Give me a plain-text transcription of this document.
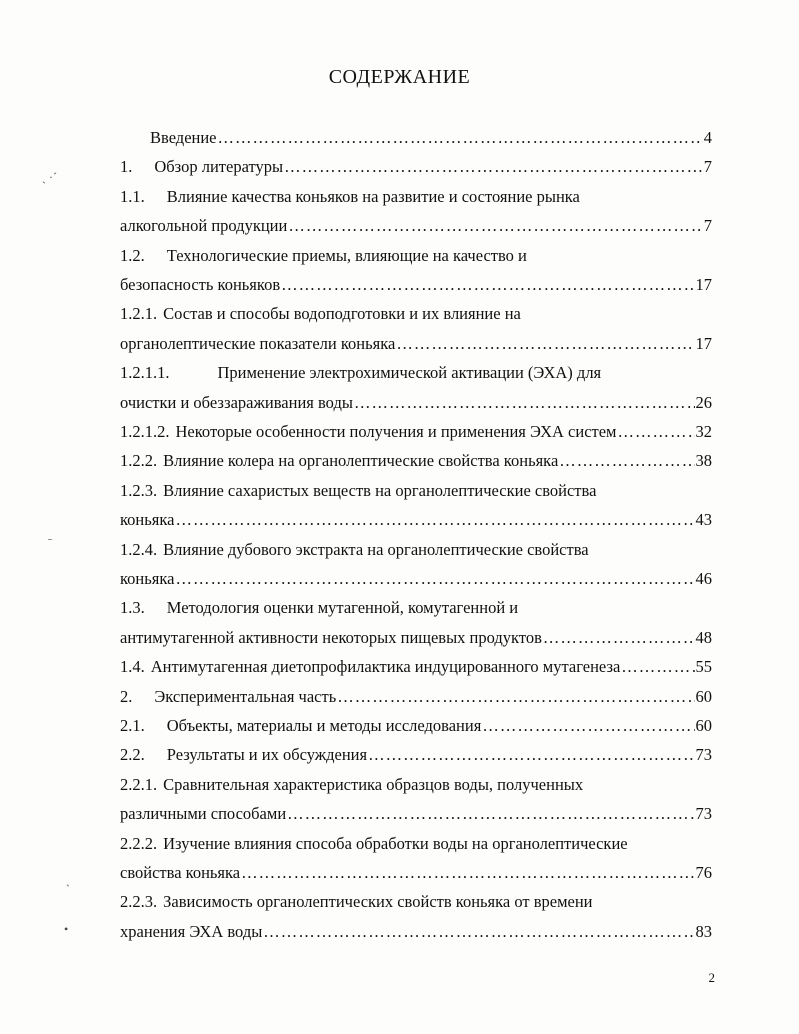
СОДЕРЖАНИЕ
Введение ………………………………………………………………………………………………………………………………………………………………………………	4
1. Обзор литературы ………………………………………………………………………………………………………………………………………………………………………………	7
1.1. Влияние качества коньяков на развитие и состояние рынка
алкогольной продукции ………………………………………………………………………………………………………………………………………………………………………………	7
1.2. Технологические приемы, влияющие на качество и
безопасность коньяков ………………………………………………………………………………………………………………………………………………………………………………	17
1.2.1. Состав и способы водоподготовки и их влияние на
органолептические показатели коньяка ………………………………………………………………………………………………………………………………………………………………………………	17
1.2.1.1.	Применение электрохимической активации (ЭХА) для
очистки и обеззараживания воды ………………………………………………………………………………………………………………………………………………………………………………	26
1.2.1.2. Некоторые особенности получения и применения ЭХА систем ………………………………………………………………………………………………………………………………………………………………………………	32
1.2.2. Влияние колера на органолептические свойства коньяка ………………………………………………………………………………………………………………………………………………………………………………	38
1.2.3. Влияние сахаристых веществ на органолептические свойства
коньяка ………………………………………………………………………………………………………………………………………………………………………………	43
1.2.4. Влияние дубового экстракта на органолептические свойства
коньяка ………………………………………………………………………………………………………………………………………………………………………………	46
1.3. Методология оценки мутагенной, комутагенной и
антимутагенной активности некоторых пищевых продуктов ………………………………………………………………………………………………………………………………………………………………………………	48
1.4. Антимутагенная диетопрофилактика индуцированного мутагенеза ………………………………………………………………………………………………………………………………………………………………………………	55
2. Экспериментальная часть ………………………………………………………………………………………………………………………………………………………………………………	60
2.1. Объекты, материалы и методы исследования ………………………………………………………………………………………………………………………………………………………………………………	60
2.2. Результаты и их обсуждения ………………………………………………………………………………………………………………………………………………………………………………	73
2.2.1. Сравнительная характеристика образцов воды, полученных
различными способами ………………………………………………………………………………………………………………………………………………………………………………	73
2.2.2. Изучение влияния способа обработки воды на органолептические
свойства коньяка ………………………………………………………………………………………………………………………………………………………………………………	76
2.2.3. Зависимость органолептических свойств коньяка от времени
хранения ЭХА воды ………………………………………………………………………………………………………………………………………………………………………………	83
2
ˏ ·ˊ
ˉ
ˎ
•
